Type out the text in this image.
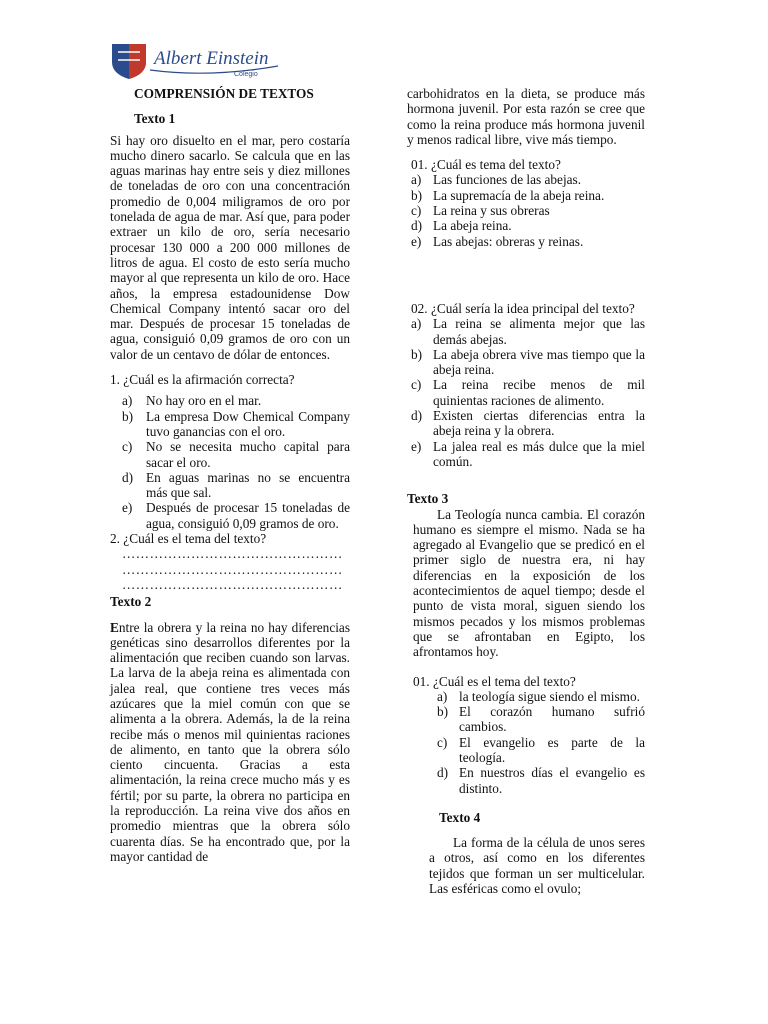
Albert Einstein
Colegio

COMPRENSIÓN DE TEXTOS

Texto 1

Si hay oro disuelto en el mar, pero costaría mucho dinero sacarlo. Se calcula que en las aguas marinas hay entre seis y diez millones de toneladas de oro con una concentración promedio de 0,004 miligramos de oro por tonelada de agua de mar. Así que, para poder extraer un kilo de oro, sería necesario procesar 130 000 a 200 000 millones de litros de agua. El costo de esto sería mucho mayor al que representa un kilo de oro. Hace años, la empresa estadounidense Dow Chemical Company intentó sacar oro del mar. Después de procesar 15 toneladas de agua, consiguió 0,09 gramos de oro con un valor de un centavo de dólar de entonces.

1. ¿Cuál es la afirmación correcta?

a)	No hay oro en el mar.
b) La empresa Dow Chemical Company tuvo ganancias con el oro.
c)	No se necesita mucho capital para sacar el oro.
d) En aguas marinas no se encuentra más que sal.
e)	Después de procesar 15 toneladas de agua, consiguió 0,09 gramos de oro.

2. ¿Cuál es el tema del texto?

…………………………………………

…………………………………………

…………………………………………

Texto 2

Entre la obrera y la reina no hay diferencias genéticas sino desarrollos diferentes por la alimentación que reciben cuando son larvas. La larva de la abeja reina es alimentada con jalea real, que contiene tres veces más azúcares que la miel común con que se alimenta a la obrera. Además, la de la reina recibe más o menos mil quinientas raciones de alimento, en tanto que la obrera sólo ciento cincuenta. Gracias a esta alimentación, la reina crece mucho más y es fértil; por su parte, la obrera no participa en la reproducción. La reina vive dos años en promedio mientras que la obrera sólo cuarenta días. Se ha encontrado que, por la mayor cantidad de

carbohidratos en la dieta, se produce más hormona juvenil. Por esta razón se cree que como la reina produce más hormona juvenil y menos radical libre, vive más tiempo.

01. ¿Cuál es tema del texto?

a) Las funciones de las abejas.
b) La supremacía de la abeja reina.
c) La reina y sus obreras
d) La abeja reina.
e) Las abejas: obreras y reinas.

02. ¿Cuál sería la idea principal del texto?

a) La reina se alimenta mejor que las demás abejas.
b) La abeja obrera vive mas tiempo que la abeja reina.
c) La reina recibe menos de mil quinientas raciones de alimento.
d) Existen ciertas diferencias entra la abeja reina y la obrera.
e) La jalea real es más dulce que la miel común.

Texto 3

La Teología nunca cambia. El corazón humano es siempre el mismo. Nada se ha agregado al Evangelio que se predicó en el primer siglo de nuestra era, ni hay diferencias en la exposición de los acontecimientos de aquel tiempo; desde el punto de vista moral, siguen siendo los mismos pecados y los mismos problemas que se afrontaban en Egipto, los afrontamos hoy.

01. ¿Cuál es el tema del texto?

a) la teología sigue siendo el mismo.
b) El corazón humano sufrió cambios.
c) El evangelio es parte de la teología.
d) En nuestros días el evangelio es distinto.

Texto 4

La forma de la célula de unos seres a otros, así como en los diferentes tejidos que forman un ser multicelular. Las esféricas como el ovulo;
